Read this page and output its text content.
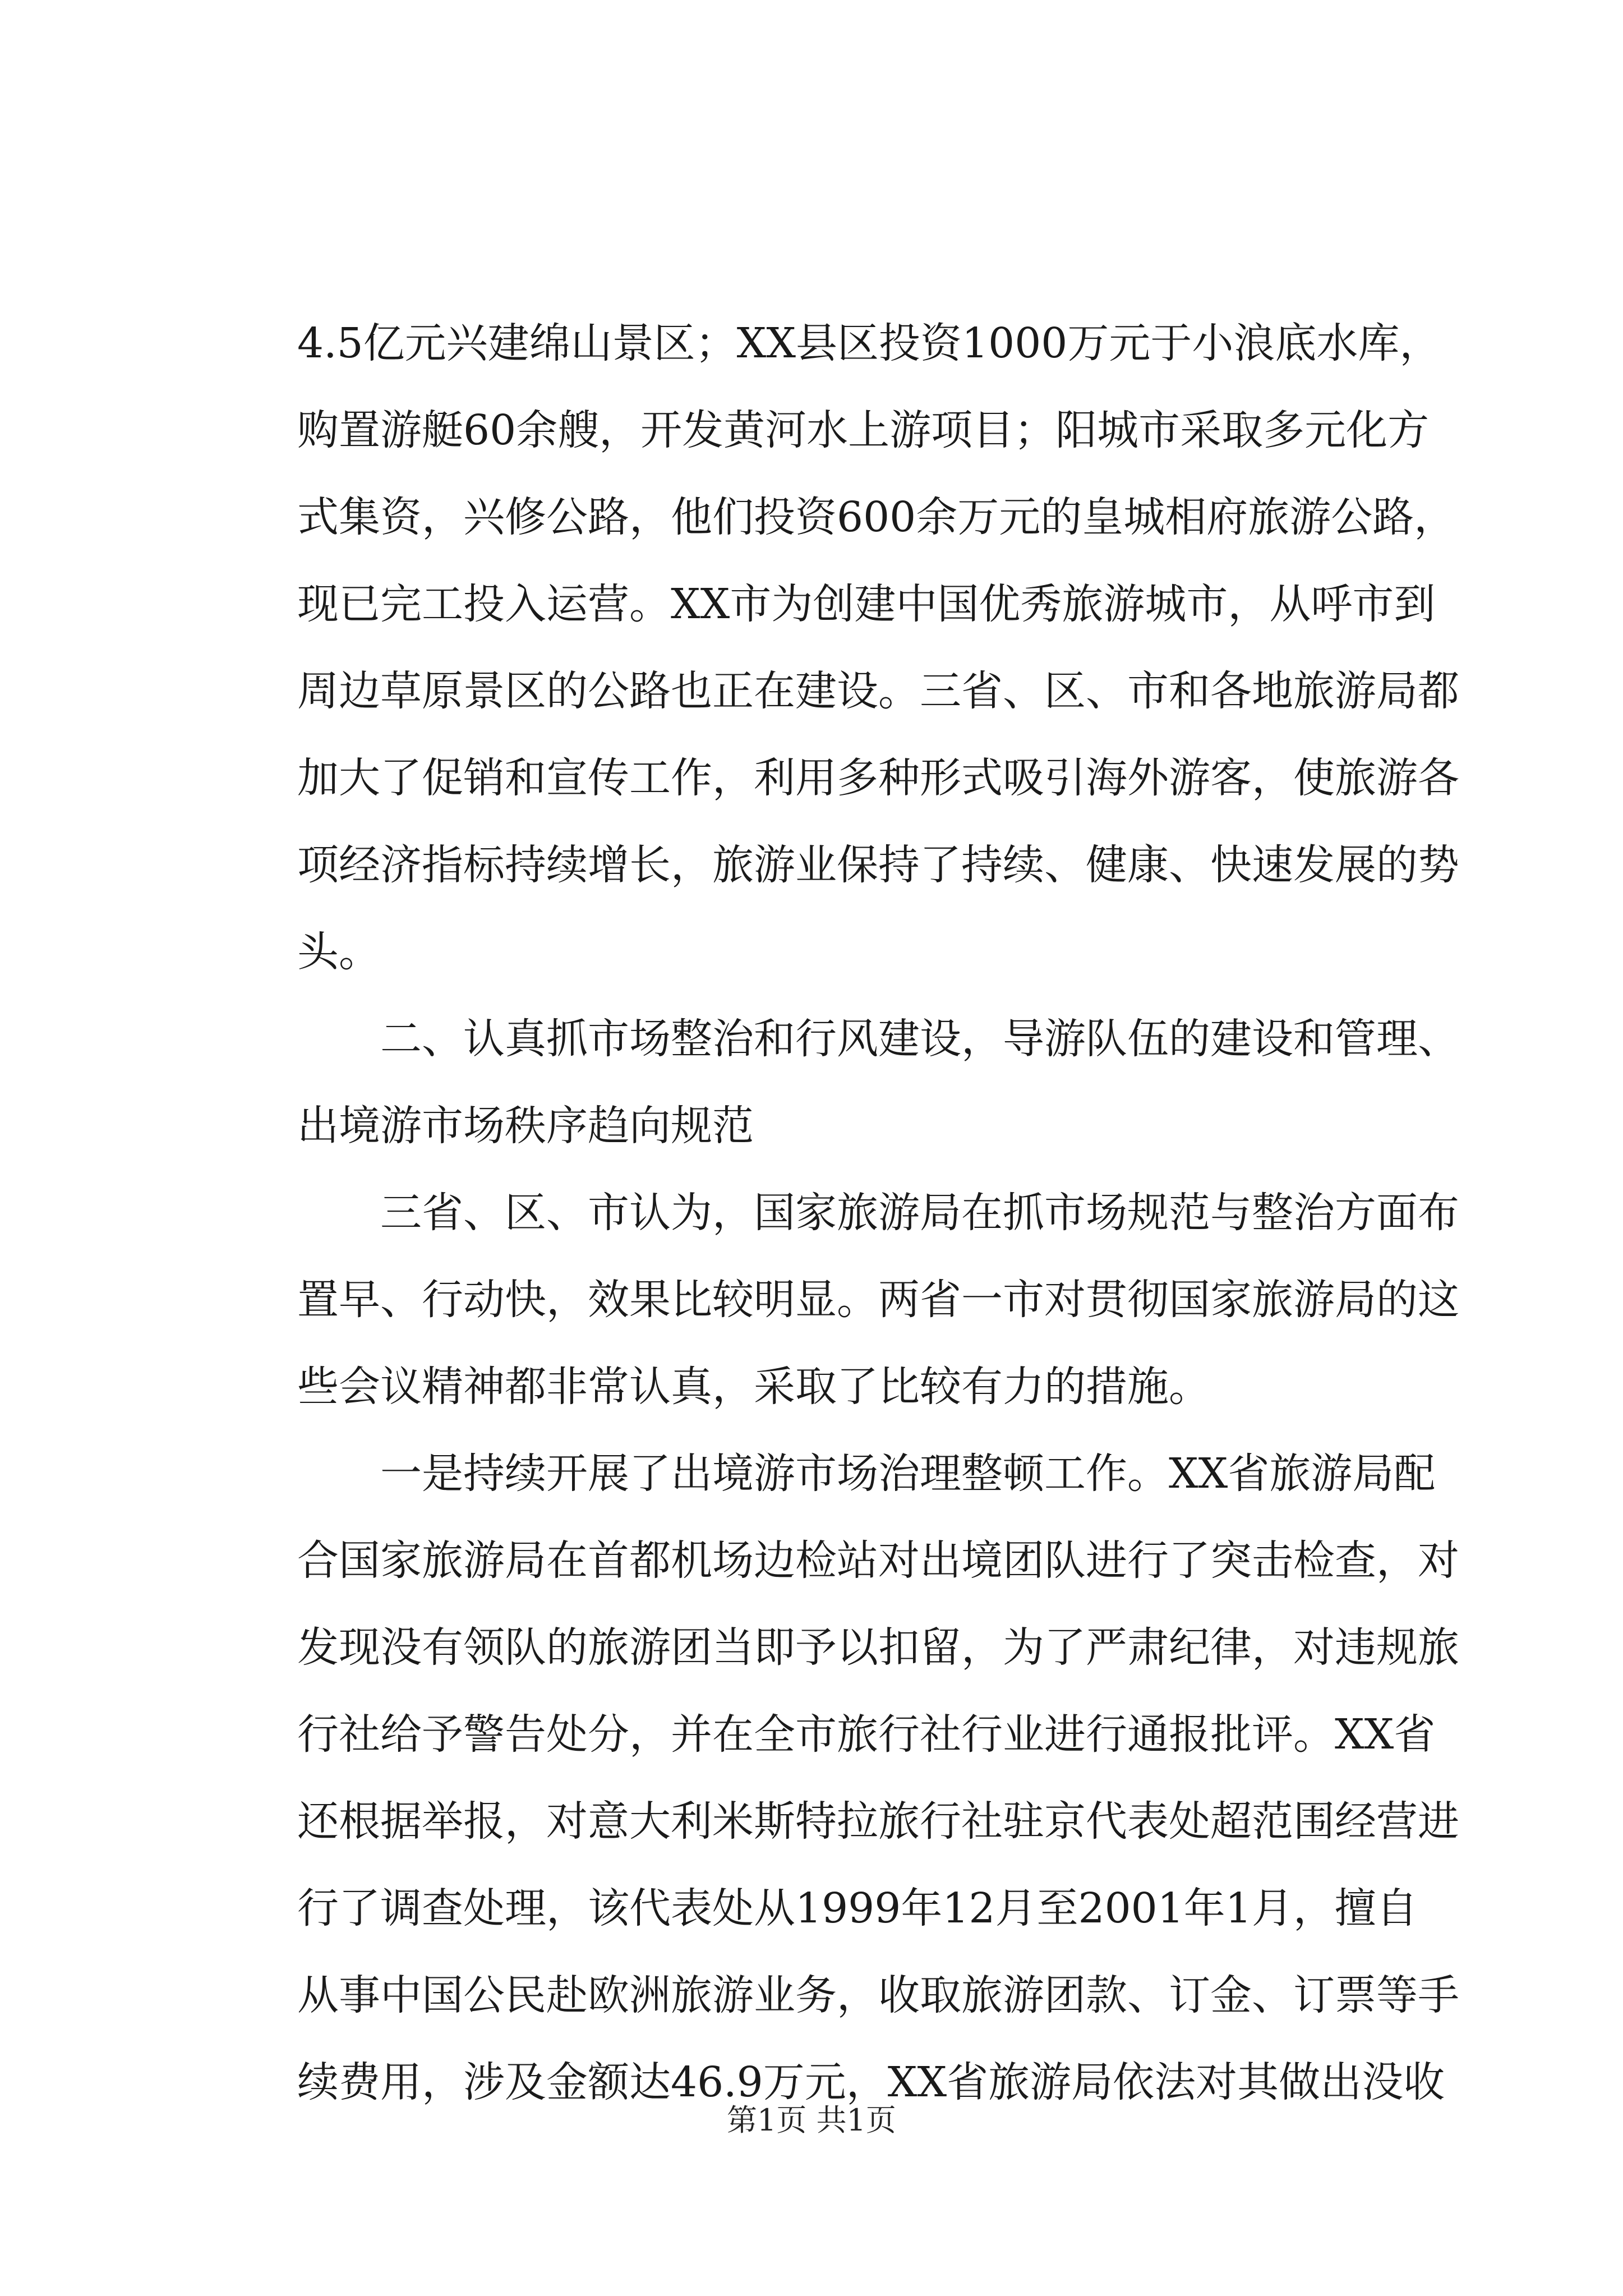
4.5亿元兴建绵山景区；XX县区投资1000万元于小浪底水库，
购置游艇60余艘，开发黄河水上游项目；阳城市采取多元化方
式集资，兴修公路，他们投资600余万元的皇城相府旅游公路，
现已完工投入运营。XX市为创建中国优秀旅游城市，从呼市到
周边草原景区的公路也正在建设。三省、区、市和各地旅游局都
加大了促销和宣传工作，利用多种形式吸引海外游客，使旅游各
项经济指标持续增长，旅游业保持了持续、健康、快速发展的势
头。
二、认真抓市场整治和行风建设，导游队伍的建设和管理、
出境游市场秩序趋向规范
三省、区、市认为，国家旅游局在抓市场规范与整治方面布
置早、行动快，效果比较明显。两省一市对贯彻国家旅游局的这
些会议精神都非常认真，采取了比较有力的措施。
一是持续开展了出境游市场治理整顿工作。XX省旅游局配
合国家旅游局在首都机场边检站对出境团队进行了突击检查，对
发现没有领队的旅游团当即予以扣留，为了严肃纪律，对违规旅
行社给予警告处分，并在全市旅行社行业进行通报批评。XX省
还根据举报，对意大利米斯特拉旅行社驻京代表处超范围经营进
行了调查处理，该代表处从1999年12月至2001年1月，擅自
从事中国公民赴欧洲旅游业务，收取旅游团款、订金、订票等手
续费用，涉及金额达46.9万元，XX省旅游局依法对其做出没收
第1页 共1页
